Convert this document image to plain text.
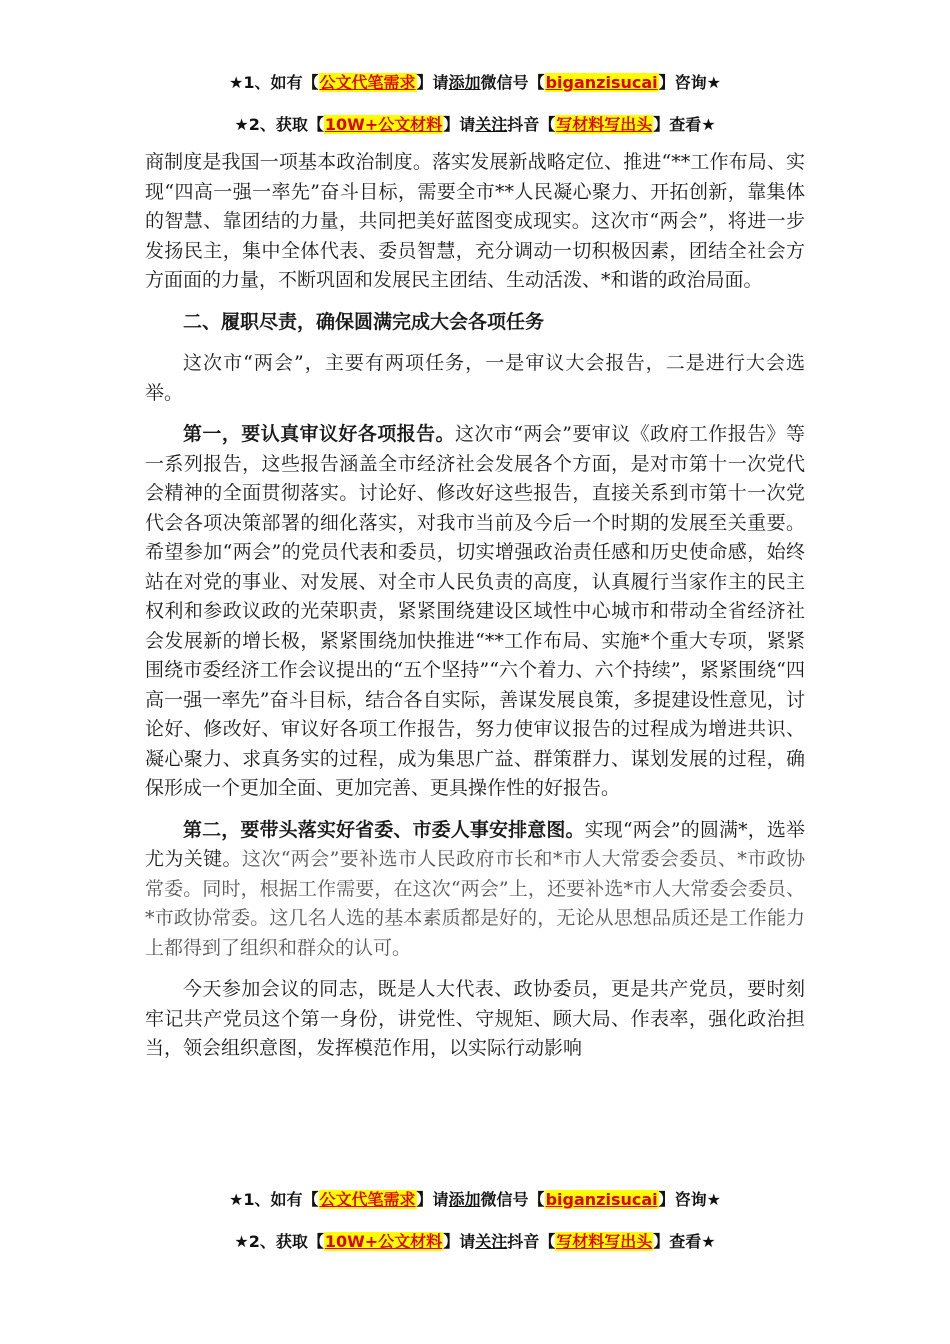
★1、如有【公文代笔需求】请添加微信号【biganzisucai】咨询★
★2、获取【10W+公文材料】请关注抖音【写材料写出头】查看★

商制度是我国一项基本政治制度。落实发展新战略定位、推进“**工作布局、实现“四高一强一率先”奋斗目标，需要全市**人民凝心聚力、开拓创新，靠集体的智慧、靠团结的力量，共同把美好蓝图变成现实。这次市“两会”，将进一步发扬民主，集中全体代表、委员智慧，充分调动一切积极因素，团结全社会方方面面的力量，不断巩固和发展民主团结、生动活泼、*和谐的政治局面。

二、履职尽责，确保圆满完成大会各项任务

这次市“两会”，主要有两项任务，一是审议大会报告，二是进行大会选举。

第一，要认真审议好各项报告。这次市“两会”要审议《政府工作报告》等一系列报告，这些报告涵盖全市经济社会发展各个方面，是对市第十一次党代会精神的全面贯彻落实。讨论好、修改好这些报告，直接关系到市第十一次党代会各项决策部署的细化落实，对我市当前及今后一个时期的发展至关重要。希望参加“两会”的党员代表和委员，切实增强政治责任感和历史使命感，始终站在对党的事业、对发展、对全市人民负责的高度，认真履行当家作主的民主权利和参政议政的光荣职责，紧紧围绕建设区域性中心城市和带动全省经济社会发展新的增长极，紧紧围绕加快推进“**工作布局、实施*个重大专项，紧紧围绕市委经济工作会议提出的“五个坚持”“六个着力、六个持续”，紧紧围绕“四高一强一率先”奋斗目标，结合各自实际，善谋发展良策，多提建设性意见，讨论好、修改好、审议好各项工作报告，努力使审议报告的过程成为增进共识、凝心聚力、求真务实的过程，成为集思广益、群策群力、谋划发展的过程，确保形成一个更加全面、更加完善、更具操作性的好报告。

第二，要带头落实好省委、市委人事安排意图。实现“两会”的圆满*，选举尤为关键。这次“两会”要补选市人民政府市长和*市人大常委会委员、*市政协常委。同时，根据工作需要，在这次“两会”上，还要补选*市人大常委会委员、*市政协常委。这几名人选的基本素质都是好的，无论从思想品质还是工作能力上都得到了组织和群众的认可。

今天参加会议的同志，既是人大代表、政协委员，更是共产党员，要时刻牢记共产党员这个第一身份，讲党性、守规矩、顾大局、作表率，强化政治担当，领会组织意图，发挥模范作用，以实际行动影响

★1、如有【公文代笔需求】请添加微信号【biganzisucai】咨询★
★2、获取【10W+公文材料】请关注抖音【写材料写出头】查看★
